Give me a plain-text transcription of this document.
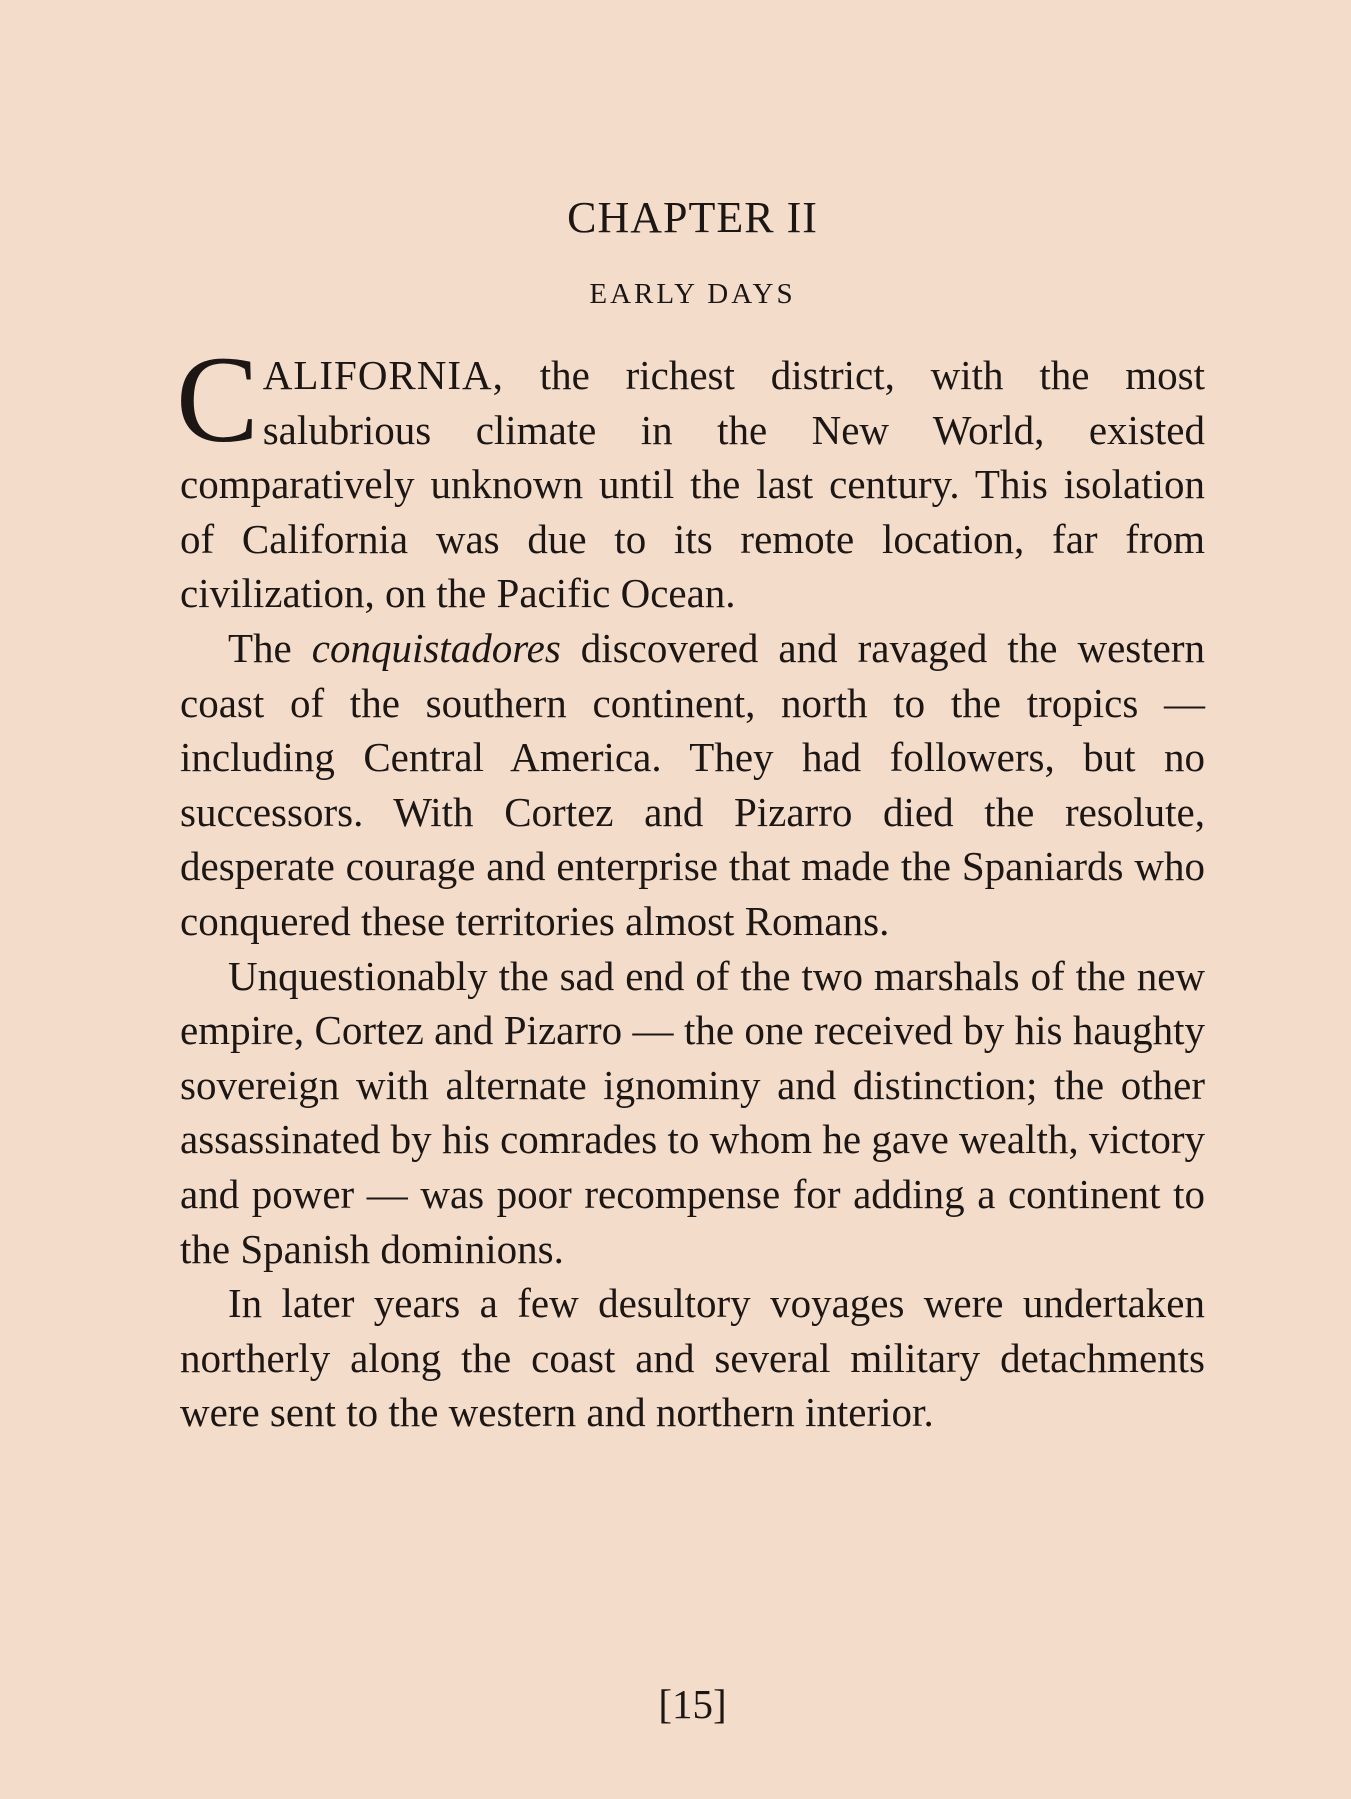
CHAPTER II
EARLY DAYS

CALIFORNIA, the richest district, with the most salubrious climate in the New World, existed comparatively unknown until the last century. This isolation of California was due to its remote location, far from civilization, on the Pacific Ocean.

The conquistadores discovered and ravaged the western coast of the southern continent, north to the tropics — including Central America. They had followers, but no successors. With Cortez and Pizarro died the resolute, desperate courage and enterprise that made the Spaniards who conquered these territories almost Romans.

Unquestionably the sad end of the two marshals of the new empire, Cortez and Pizarro — the one received by his haughty sovereign with alternate ignominy and distinction; the other assassinated by his comrades to whom he gave wealth, victory and power — was poor recompense for adding a continent to the Spanish dominions.

In later years a few desultory voyages were undertaken northerly along the coast and several military detachments were sent to the western and northern interior.

[15]
